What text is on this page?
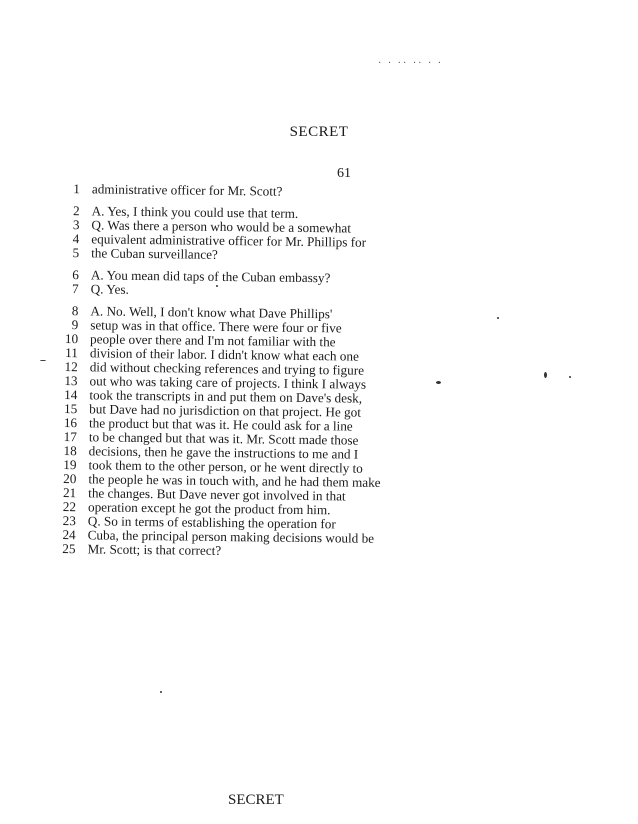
SECRET
61
1 administrative officer for Mr. Scott?
2 A. Yes, I think you could use that term.
3 Q. Was there a person who would be a somewhat
4 equivalent administrative officer for Mr. Phillips for
5 the Cuban surveillance?
6 A. You mean did taps of the Cuban embassy?
7 Q. Yes.
8 A. No. Well, I don't know what Dave Phillips'
9 setup was in that office. There were four or five
10 people over there and I'm not familiar with the
11 division of their labor. I didn't know what each one
12 did without checking references and trying to figure
13 out who was taking care of projects. I think I always
14 took the transcripts in and put them on Dave's desk,
15 but Dave had no jurisdiction on that project. He got
16 the product but that was it. He could ask for a line
17 to be changed but that was it. Mr. Scott made those
18 decisions, then he gave the instructions to me and I
19 took them to the other person, or he went directly to
20 the people he was in touch with, and he had them make
21 the changes. But Dave never got involved in that
22 operation except he got the product from him.
23 Q. So in terms of establishing the operation for
24 Cuba, the principal person making decisions would be
25 Mr. Scott; is that correct?
SECRET
· · ·· ·· · ·
